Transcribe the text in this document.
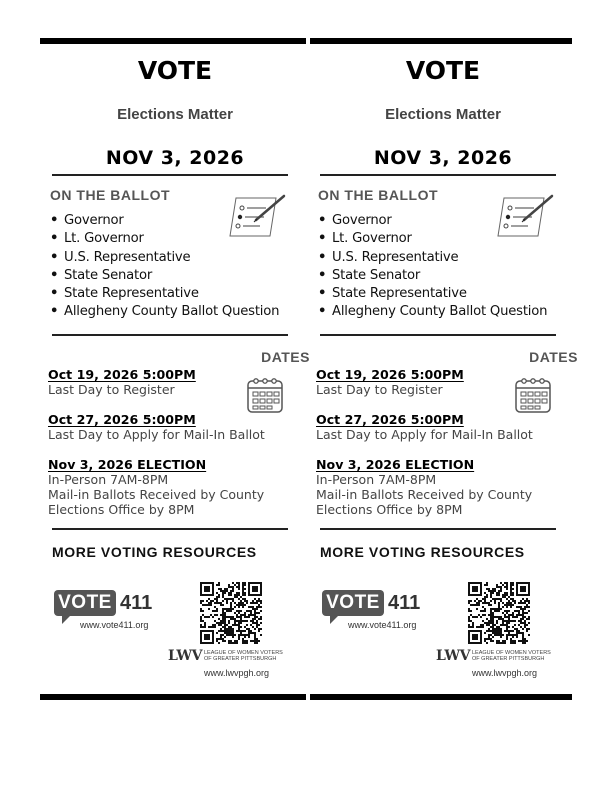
VOTE
Elections Matter
NOV 3, 2026
ON THE BALLOT
• Governor
• Lt. Governor
• U.S. Representative
• State Senator
• State Representative
• Allegheny County Ballot Question
DATES
Oct 19, 2026 5:00PM
Last Day to Register
Oct 27, 2026 5:00PM
Last Day to Apply for Mail-In Ballot
Nov 3, 2026 ELECTION
In-Person 7AM-8PM
Mail-in Ballots Received by County
Elections Office by 8PM
MORE VOTING RESOURCES
VOTE 411
www.vote411.org
LWV LEAGUE OF WOMEN VOTERS
OF GREATER PITTSBURGH
www.lwvpgh.org
VOTE
Elections Matter
NOV 3, 2026
ON THE BALLOT
• Governor
• Lt. Governor
• U.S. Representative
• State Senator
• State Representative
• Allegheny County Ballot Question
DATES
Oct 19, 2026 5:00PM
Last Day to Register
Oct 27, 2026 5:00PM
Last Day to Apply for Mail-In Ballot
Nov 3, 2026 ELECTION
In-Person 7AM-8PM
Mail-in Ballots Received by County
Elections Office by 8PM
MORE VOTING RESOURCES
VOTE 411
www.vote411.org
LWV LEAGUE OF WOMEN VOTERS
OF GREATER PITTSBURGH
www.lwvpgh.org
